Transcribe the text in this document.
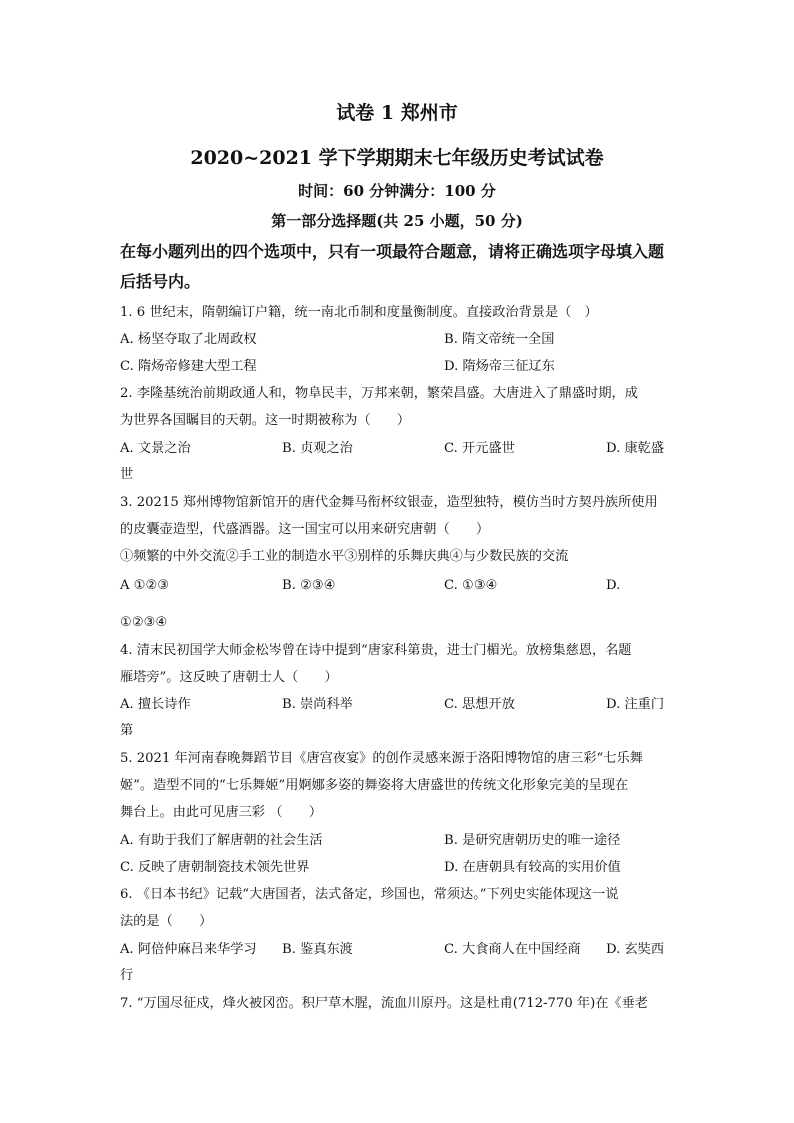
试卷 1 郑州市
2020~2021 学下学期期末七年级历史考试试卷
时间：60 分钟满分：100 分
第一部分选择题(共 25 小题，50 分)
在每小题列出的四个选项中，只有一项最符合题意，请将正确选项字母填入题
后括号内。
1. 6 世纪末，隋朝编订户籍，统一南北币制和度量衡制度。直接政治背景是（　）
A. 杨坚夺取了北周政权	B. 隋文帝统一全国
C. 隋炀帝修建大型工程	D. 隋炀帝三征辽东
2. 李隆基统治前期政通人和，物阜民丰，万邦来朝，繁荣昌盛。大唐进入了鼎盛时期，成
为世界各国瞩目的天朝。这一时期被称为（　　）
A. 文景之治	B. 贞观之治	C. 开元盛世	D. 康乾盛
世
3. 20215 郑州博物馆新馆开的唐代金舞马衔杯纹银壶，造型独特，模仿当时方契丹族所使用
的皮囊壶造型，代盛酒器。这一国宝可以用来研究唐朝（　　）
①频繁的中外交流②手工业的制造水平③别样的乐舞庆典④与少数民族的交流
A ①②③	B. ②③④	C. ①③④	D.
①②③④
4. 清末民初国学大师金松岑曾在诗中提到“唐家科第贵，进士门楣光。放榜集慈恩，名题
雁塔旁”。这反映了唐朝士人（　　）
A. 擅长诗作	B. 崇尚科举	C. 思想开放	D. 注重门
第
5. 2021 年河南春晚舞蹈节目《唐宫夜宴》的创作灵感来源于洛阳博物馆的唐三彩“七乐舞
姬”。造型不同的“七乐舞姬”用婀娜多姿的舞姿将大唐盛世的传统文化形象完美的呈现在
舞台上。由此可见唐三彩 （　　）
A. 有助于我们了解唐朝的社会生活	B. 是研究唐朝历史的唯一途径
C. 反映了唐朝制瓷技术领先世界	D. 在唐朝具有较高的实用价值
6. 《日本书纪》记载“大唐国者，法式备定，珍国也，常须达。”下列史实能体现这一说
法的是（　　）
A. 阿倍仲麻吕来华学习 B. 鉴真东渡	C. 大食商人在中国经商 D. 玄奘西
行
7. “万国尽征戍，烽火被冈峦。积尸草木腥，流血川原丹。这是杜甫(712-770 年)在《垂老
